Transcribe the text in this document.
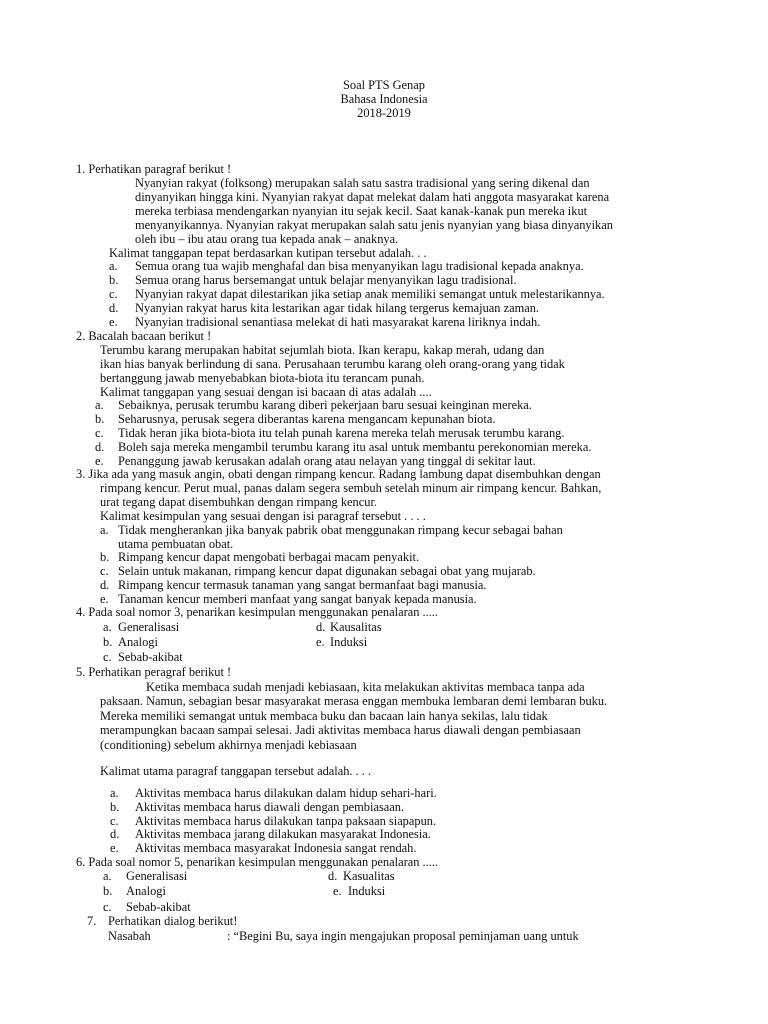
Soal PTS Genap
Bahasa Indonesia
2018-2019
1. Perhatikan paragraf berikut !
Nyanyian rakyat (folksong) merupakan salah satu sastra tradisional yang sering dikenal dan
dinyanyikan hingga kini. Nyanyian rakyat dapat melekat dalam hati anggota masyarakat karena
mereka terbiasa mendengarkan nyanyian itu sejak kecil. Saat kanak-kanak pun mereka ikut
menyanyikannya. Nyanyian rakyat merupakan salah satu jenis nyanyian yang biasa dinyanyikan
oleh ibu – ibu atau orang tua kepada anak – anaknya.
Kalimat tanggapan tepat berdasarkan kutipan tersebut adalah. . .
a. Semua orang tua wajib menghafal dan bisa menyanyikan lagu tradisional kepada anaknya.
b. Semua orang harus bersemangat untuk belajar menyanyikan lagu tradisional.
c. Nyanyian rakyat dapat dilestarikan jika setiap anak memiliki semangat untuk melestarikannya.
d. Nyanyian rakyat harus kita lestarikan agar tidak hilang tergerus kemajuan zaman.
e. Nyanyian tradisional senantiasa melekat di hati masyarakat karena liriknya indah.
2. Bacalah bacaan berikut !
Terumbu karang merupakan habitat sejumlah biota. Ikan kerapu, kakap merah, udang dan
ikan hias banyak berlindung di sana. Perusahaan terumbu karang oleh orang-orang yang tidak
bertanggung jawab menyebabkan biota-biota itu terancam punah.
Kalimat tanggapan yang sesuai dengan isi bacaan di atas adalah ....
a. Sebaiknya, perusak terumbu karang diberi pekerjaan baru sesuai keinginan mereka.
b. Seharusnya, perusak segera diberantas karena mengancam kepunahan biota.
c. Tidak heran jika biota-biota itu telah punah karena mereka telah merusak terumbu karang.
d. Boleh saja mereka mengambil terumbu karang itu asal untuk membantu perekonomian mereka.
e. Penanggung jawab kerusakan adalah orang atau nelayan yang tinggal di sekitar laut.
3. Jika ada yang masuk angin, obati dengan rimpang kencur. Radang lambung dapat disembuhkan dengan
rimpang kencur. Perut mual, panas dalam segera sembuh setelah minum air rimpang kencur. Bahkan,
urat tegang dapat disembuhkan dengan rimpang kencur.
Kalimat kesimpulan yang sesuai dengan isi paragraf tersebut . . . .
a. Tidak mengherankan jika banyak pabrik obat menggunakan rimpang kecur sebagai bahan
utama pembuatan obat.
b. Rimpang kencur dapat mengobati berbagai macam penyakit.
c. Selain untuk makanan, rimpang kencur dapat digunakan sebagai obat yang mujarab.
d. Rimpang kencur termasuk tanaman yang sangat bermanfaat bagi manusia.
e. Tanaman kencur memberi manfaat yang sangat banyak kepada manusia.
4. Pada soal nomor 3, penarikan kesimpulan menggunakan penalaran .....
a. Generalisasi	d. Kausalitas
b. Analogi	e. Induksi
c. Sebab-akibat
5. Perhatikan peragraf berikut !
Ketika membaca sudah menjadi kebiasaan, kita melakukan aktivitas membaca tanpa ada
paksaan. Namun, sebagian besar masyarakat merasa enggan membuka lembaran demi lembaran buku.
Mereka memiliki semangat untuk membaca buku dan bacaan lain hanya sekilas, lalu tidak
merampungkan bacaan sampai selesai. Jadi aktivitas membaca harus diawali dengan pembiasaan
(conditioning) sebelum akhirnya menjadi kebiasaan
Kalimat utama paragraf tanggapan tersebut adalah. . . .
a. Aktivitas membaca harus dilakukan dalam hidup sehari-hari.
b. Aktivitas membaca harus diawali dengan pembiasaan.
c. Aktivitas membaca harus dilakukan tanpa paksaan siapapun.
d. Aktivitas membaca jarang dilakukan masyarakat Indonesia.
e. Aktivitas membaca masyarakat Indonesia sangat rendah.
6. Pada soal nomor 5, penarikan kesimpulan menggunakan penalaran .....
a. Generalisasi	d. Kasualitas
b. Analogi	e. Induksi
c. Sebab-akibat
7. Perhatikan dialog berikut!
Nasabah	: “Begini Bu, saya ingin mengajukan proposal peminjaman uang untuk
